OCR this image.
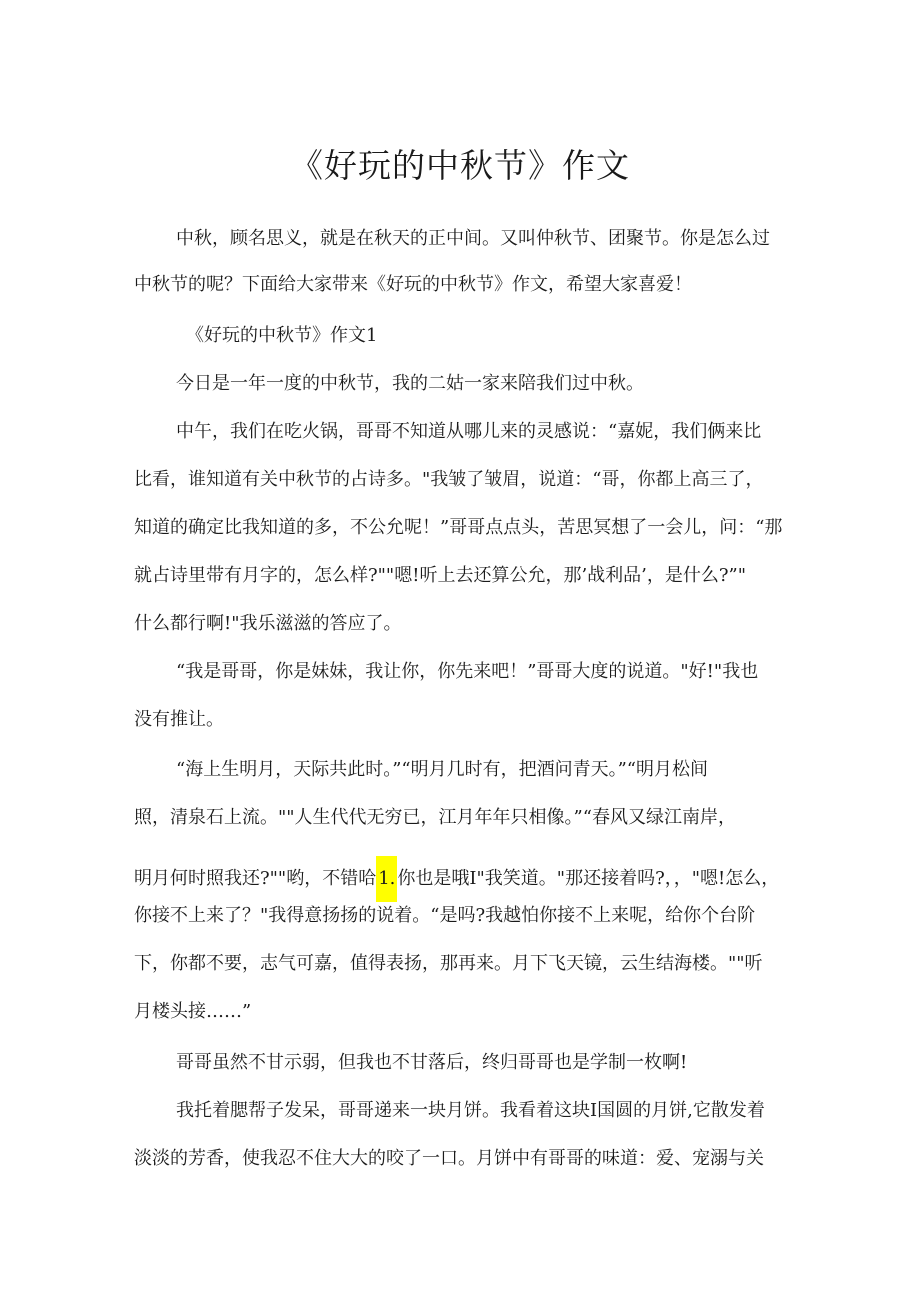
《好玩的中秋节》作文
中秋，顾名思义，就是在秋天的正中间。又叫仲秋节、团聚节。你是怎么过
中秋节的呢？下面给大家带来《好玩的中秋节》作文，希望大家喜爱！
《好玩的中秋节》作文1
今日是一年一度的中秋节，我的二姑一家来陪我们过中秋。
中午，我们在吃火锅，哥哥不知道从哪儿来的灵感说：“嘉妮，我们俩来比
比看，谁知道有关中秋节的占诗多。"我皱了皱眉，说道：“哥，你都上高三了，
知道的确定比我知道的多，不公允呢！”哥哥点点头，苦思冥想了一会儿，问：“那
就占诗里带有月字的，怎么样?""嗯!听上去还算公允，那’战利品’，是什么?”"
什么都行啊!"我乐滋滋的答应了。
“我是哥哥，你是妹妹，我让你，你先来吧！”哥哥大度的说道。"好!"我也
没有推让。
“海上生明月，天际共此时。”“明月几时有，把酒问青天。”“明月松间
照，清泉石上流。""人生代代无穷已，江月年年只相像。”“春风又绿江南岸，
明月何时照我还?""哟，不错哈 1. 你也是哦I"我笑道。"那还接着吗?，，"嗯!怎么，
你接不上来了？"我得意扬扬的说着。“是吗?我越怕你接不上来呢，给你个台阶
下，你都不要，志气可嘉，值得表扬，那再来。月下飞天镜，云生结海楼。""听
月楼头接……”
哥哥虽然不甘示弱，但我也不甘落后，终归哥哥也是学制一枚啊!
我托着腮帮子发呆，哥哥递来一块月饼。我看着这块I国圆的月饼,它散发着
淡淡的芳香，使我忍不住大大的咬了一口。月饼中有哥哥的味道：爱、宠溺与关
